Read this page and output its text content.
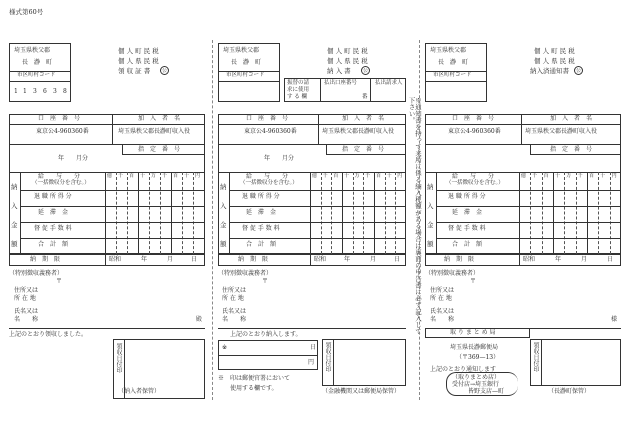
様式第60号
埼玉県秩父郡
長　瀞　町
市区町村コード
1 1 3 6 3 8
個 人 町 民 税
個 人 県 民 税
領 収 証 書	公
口　座　番　号	加　入　者　名
東京公4-960360番	埼玉県秩父郡長瀞町収入役
指　定　番　号
年　　月分
億 千 百 十 万 千 百 十 円
納
入
金
額
給　　与　　分
（一括徴収分を含む。）
退 職 所 得 分
延　滞　金
督 促 手 数 料
合　計　額
納　期　限	昭和	年	月	日
（特別徴収義務者）
〒
住所又は
所 在 地
氏名又は
名　　称	殿
上記のとおり領収しました。
領収日付印
（納入者保管）
埼玉県秩父郡
長　瀞　町
市区町村コード
個 人 町 民 税
個 人 県 民 税
納 入 書	公
振替の請
求に使用
す る 欄
払出口座番号	払出請求人
番
口　座　番　号	加　入　者　名
東京公4-960360番	埼玉県秩父郡長瀞町収入役
指　定　番　号
年　　月分
億 千 百 十 万 千 百 十 円
納
入
金
額
給　　与　　分
（一括徴収分を含む。）
退 職 所 得 分
延　滞　金
督 促 手 数 料
合　計　額
納　期　限	昭和	年	月	日
（特別徴収義務者）
〒
住所又は
所 在 地
氏名又は
名　　称
上記のとおり納入します。
※	日
円 領収日付印
※　印は郵便官署において
使用する欄です。	（金融機関又は郵便局保管）
※通知書を持って来所に係る納入税額がある場合は裏面の申告書に必ず記入して下さい。
埼玉県秩父郡
長　瀞　町
市区町村コード
個 人 町 民 税
個 人 県 民 税
納入済通知書	公
口　座　番　号	加　入　者　名
東京公4-960360番	埼玉県秩父郡長瀞町収入役
指　定　番　号
億 千 百 十 万 千 百 十 円
納
入
金
額
給　　与　　分
（一括徴収分を含む。）
退 職 所 得 分
延　滞　金
督 促 手 数 料
合　計　額
納　期　限	昭和	年	月	日
（特別徴収義務者）
〒
住所又は
所 在 地
氏名又は
名　　称	様
取 り ま と め 局
埼玉県長瀞郵便局
（〒369—13）
上記のとおり通知します
（取りまとめ店）
受付店→埼玉銀行
皆野支店—町
領収日付印
（長瀞町保管）
